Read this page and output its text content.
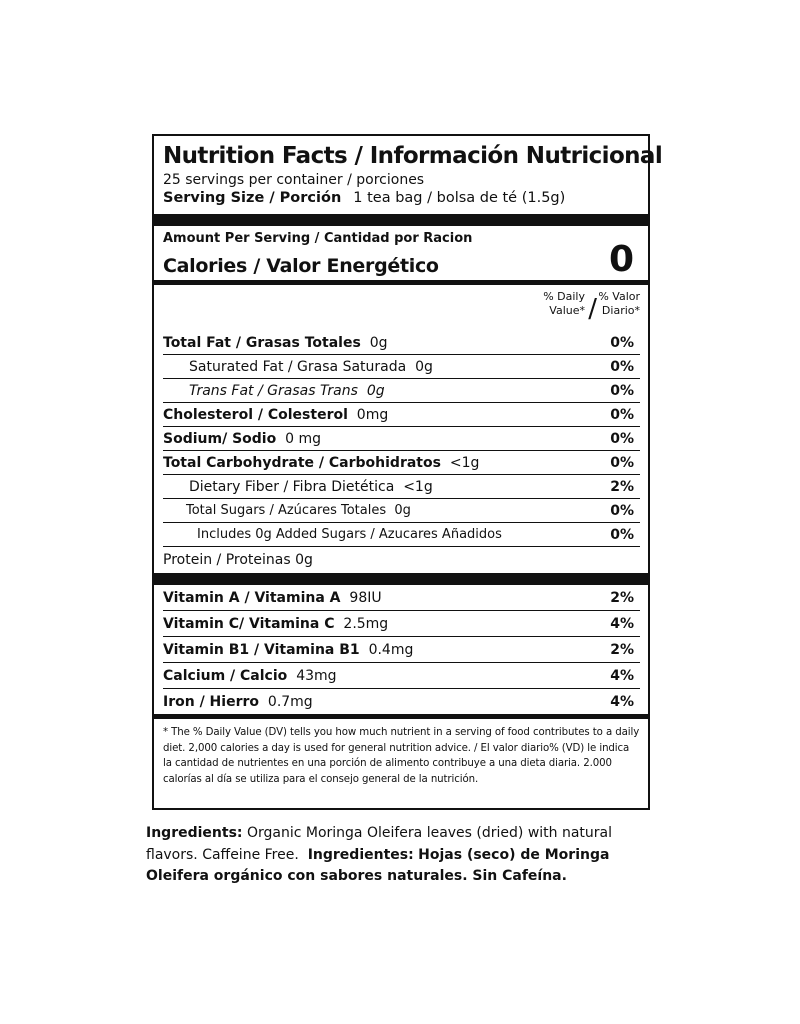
Nutrition Facts / Información Nutricional
25 servings per container / porciones
Serving Size / Porción 1 tea bag / bolsa de té (1.5g)
Amount Per Serving / Cantidad por Racion
Calories / Valor Energético	0
% Daily
Value* / % Valor
Diario*
Total Fat / Grasas Totales 0g	0%
Saturated Fat / Grasa Saturada 0g	0%
Trans Fat / Grasas Trans 0g	0%
Cholesterol / Colesterol 0mg	0%
Sodium/ Sodio 0 mg	0%
Total Carbohydrate / Carbohidratos <1g	0%
Dietary Fiber / Fibra Dietética <1g	2%
Total Sugars / Azúcares Totales 0g	0%
Includes 0g Added Sugars / Azucares Añadidos	0%
Protein / Proteinas
0g
Vitamin A / Vitamina A 98IU	2%
Vitamin C/ Vitamina C 2.5mg	4%
Vitamin B1 / Vitamina B1 0.4mg	2%
Calcium / Calcio 43mg	4%
Iron / Hierro 0.7mg	4%
* The % Daily Value (DV) tells you how much nutrient in a serving of food contributes to a daily diet. 2,000 calories a day is used for general nutrition advice. / El valor diario% (VD) le indica la cantidad de nutrientes en una porción de alimento contribuye a una dieta diaria. 2.000 calorías al día se utiliza para el consejo general de la nutrición.
Ingredients: Organic Moringa Oleifera leaves (dried) with natural flavors. Caffeine Free. Ingredientes: Hojas (seco) de Moringa Oleifera orgánico con sabores naturales. Sin Cafeína.
